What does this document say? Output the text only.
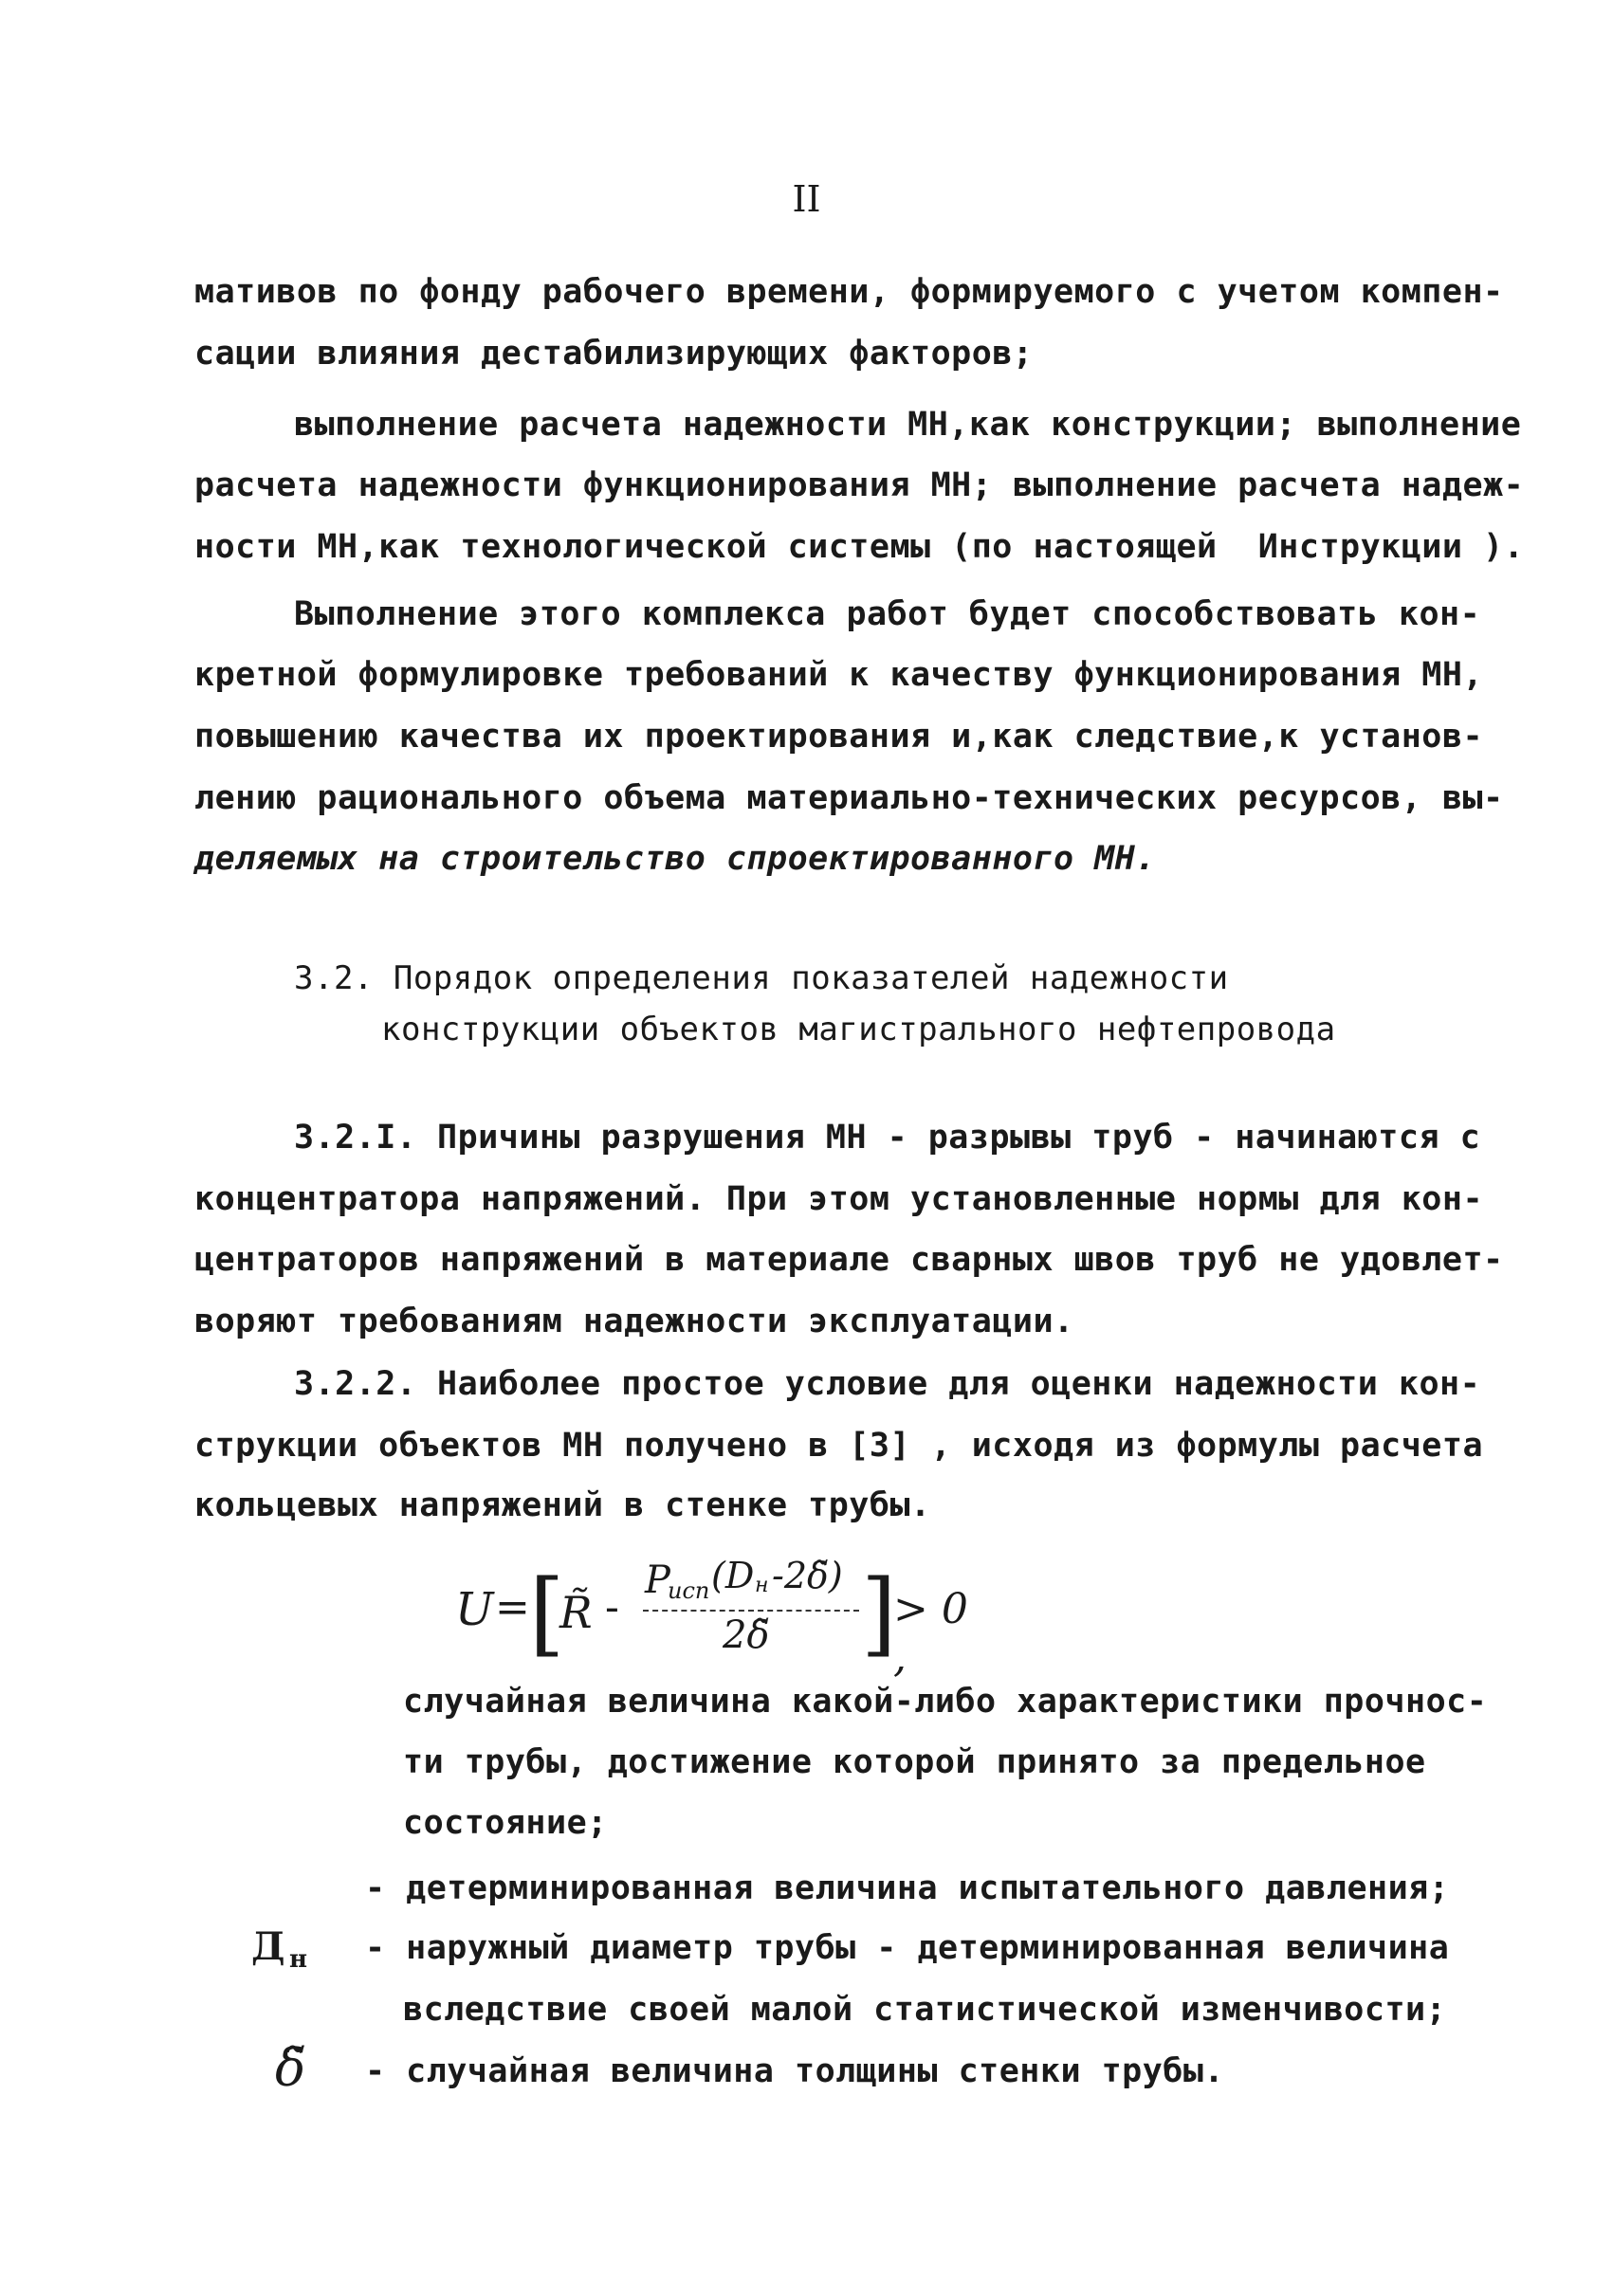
II
мативов по фонду рабочего времени, формируемого с учетом компен-
сации влияния дестабилизирующих факторов;
выполнение расчета надежности МН,как конструкции; выполнение
расчета надежности функционирования МН; выполнение расчета надеж-
ности МН,как технологической системы (по настоящей  Инструкции ).
Выполнение этого комплекса работ будет способствовать кон-
кретной формулировке требований к качеству функционирования МН,
повышению качества их проектирования и,как следствие,к установ-
лению рационального объема материально-технических ресурсов, вы-
деляемых на строительство спроектированного МН.
3.2. Порядок определения показателей надежности
конструкции объектов магистрального нефтепровода
3.2.I. Причины разрушения МН - разрывы труб - начинаются с
концентратора напряжений. При этом установленные нормы для кон-
центраторов напряжений в материале сварных швов труб не удовлет-
воряют требованиям надежности эксплуатации.
3.2.2. Наиболее простое условие для оценки надежности кон-
струкции объектов МН получено в [3] , исходя из формулы расчета
кольцевых напряжений в стенке трубы.
U = [
R̃ -
P
исп (D н -2δ̃)
2δ̃ ]
> 0 ,
случайная величина какой-либо характеристики прочнос-
ти трубы, достижение которой принято за предельное
состояние;
- детерминированная величина испытательного давления;
Д н - наружный диаметр трубы - детерминированная величина
вследствие своей малой статистической изменчивости;
δ̃ - случайная величина толщины стенки трубы.
